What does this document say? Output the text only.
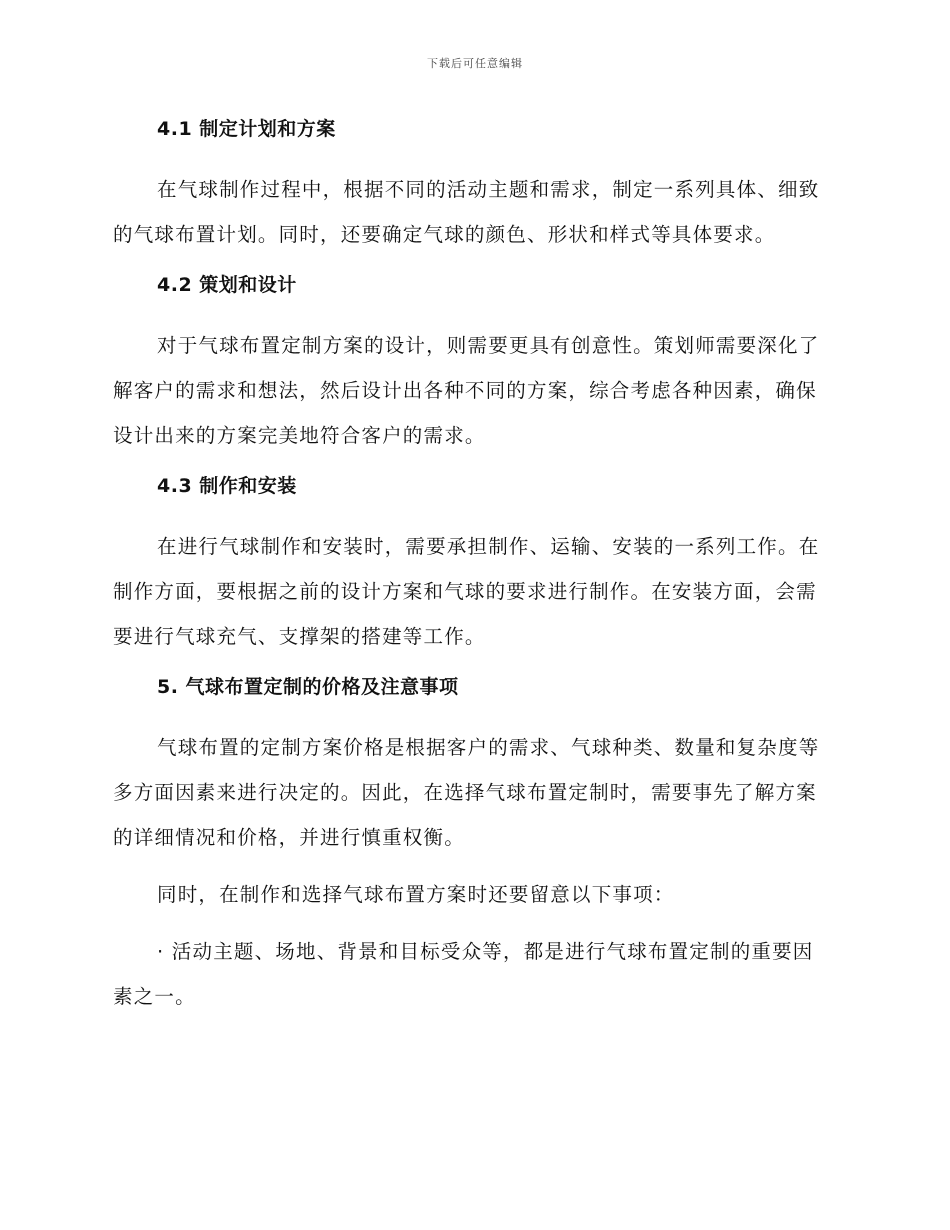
下载后可任意编辑
4.1 制定计划和方案

在气球制作过程中，根据不同的活动主题和需求，制定一系列具体、细致的气球布置计划。同时，还要确定气球的颜色、形状和样式等具体要求。

4.2 策划和设计

对于气球布置定制方案的设计，则需要更具有创意性。策划师需要深化了解客户的需求和想法，然后设计出各种不同的方案，综合考虑各种因素，确保设计出来的方案完美地符合客户的需求。

4.3 制作和安装

在进行气球制作和安装时，需要承担制作、运输、安装的一系列工作。在制作方面，要根据之前的设计方案和气球的要求进行制作。在安装方面，会需要进行气球充气、支撑架的搭建等工作。

5. 气球布置定制的价格及注意事项

气球布置的定制方案价格是根据客户的需求、气球种类、数量和复杂度等多方面因素来进行决定的。因此，在选择气球布置定制时，需要事先了解方案的详细情况和价格，并进行慎重权衡。

同时，在制作和选择气球布置方案时还要留意以下事项：

· 活动主题、场地、背景和目标受众等，都是进行气球布置定制的重要因素之一。
